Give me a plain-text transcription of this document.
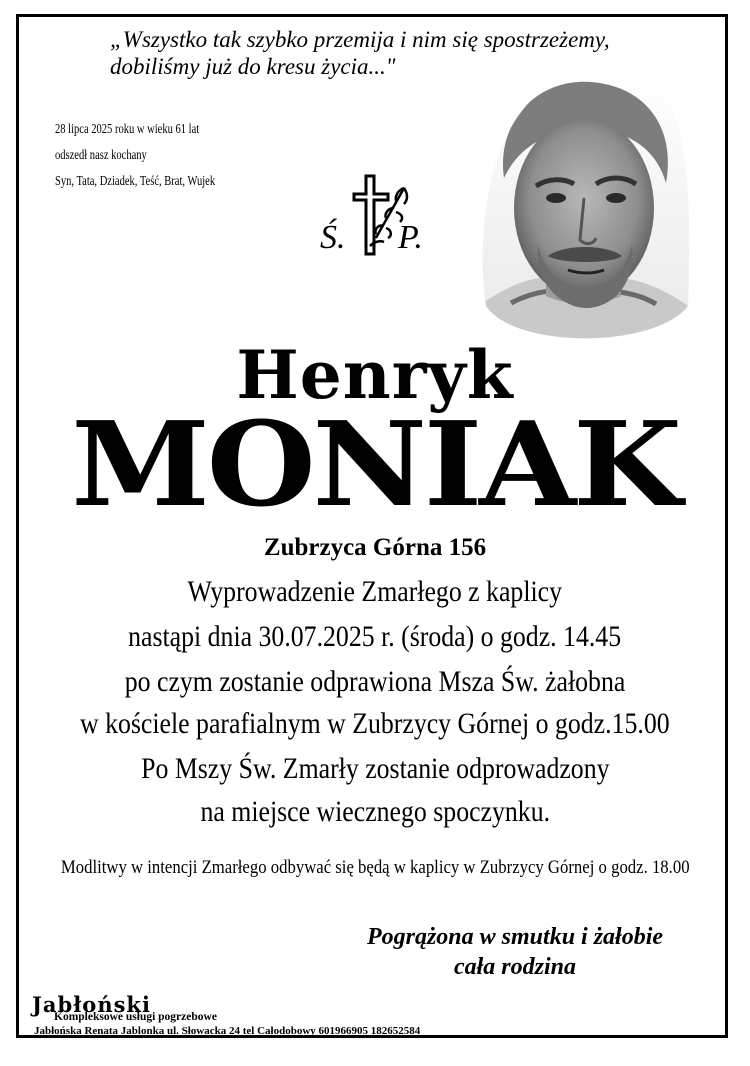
„Wszystko tak szybko przemija i nim się spostrzeżemy,
dobiliśmy już do kresu życia..."
28 lipca 2025 roku w wieku 61 lat
odszedł nasz kochany
Syn, Tata, Dziadek, Teść, Brat, Wujek
Ś. P.
Henryk
MONIAK
Zubrzyca Górna 156
Wyprowadzenie Zmarłego z kaplicy
nastąpi dnia 30.07.2025 r. (środa) o godz. 14.45
po czym zostanie odprawiona Msza Św. żałobna
w kościele parafialnym w Zubrzycy Górnej o godz.15.00
Po Mszy Św. Zmarły zostanie odprowadzony
na miejsce wiecznego spoczynku.
Modlitwy w intencji Zmarłego odbywać się będą w kaplicy w Zubrzycy Górnej o godz. 18.00
Pogrążona w smutku i żałobie
cała rodzina
Jabłoński
Kompleksowe usługi pogrzebowe
Jabłońska Renata Jablonka ul. Słowacka 24 tel Całodobowy 601966905 182652584
